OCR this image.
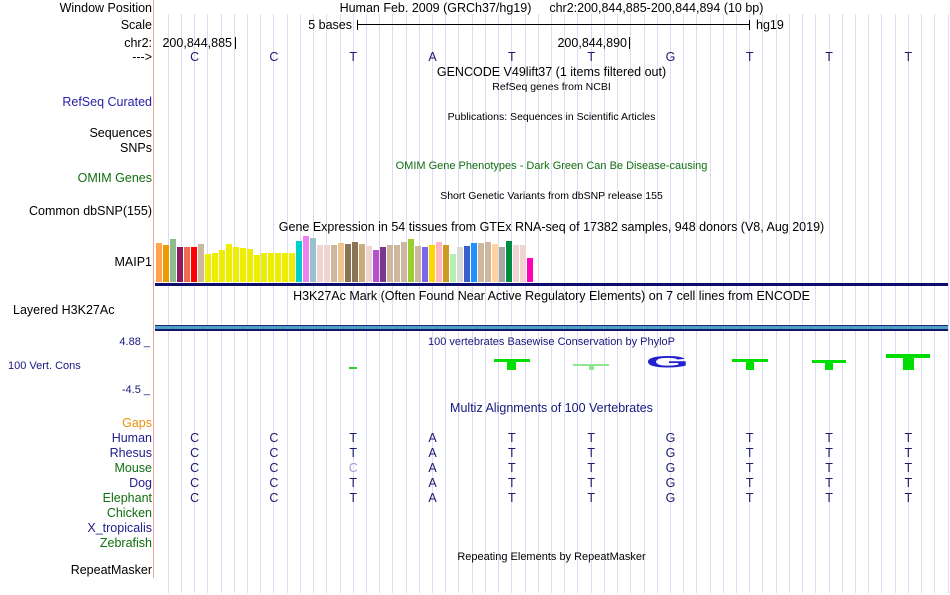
Window Position	Human Feb. 2009 (GRCh37/hg19) chr2:200,844,885-200,844,894 (10 bp)
Scale	5 bases	hg19
chr2: 200,844,885	200,844,890
--->	C	C	T	A	T	T	G	T	T	T
GENCODE V49lift37 (1 items filtered out)
RefSeq genes from NCBI
RefSeq Curated
Publications: Sequences in Scientific Articles
Sequences
SNPs
OMIM Gene Phenotypes - Dark Green Can Be Disease-causing
OMIM Genes
Short Genetic Variants from dbSNP release 155
Common dbSNP(155)
Gene Expression in 54 tissues from GTEx RNA-seq of 17382 samples, 948 donors (V8, Aug 2019)
MAIP1
H3K27Ac Mark (Often Found Near Active Regulatory Elements) on 7 cell lines from ENCODE
Layered H3K27Ac
4.88 _	100 vertebrates Basewise Conservation by PhyloP
100 Vert. Cons
-4.5 _
G
Multiz Alignments of 100 Vertebrates
Gaps
Human	C	C	T	A	T	T	G	T	T	T
Rhesus	C	C	T	A	T	T	G	T	T	T
Mouse	C	C	C	A	T	T	G	T	T	T
Dog	C	C	T	A	T	T	G	T	T	T
Elephant	C	C	T	A	T	T	G	T	T	T
Chicken
X_tropicalis
Zebrafish
Repeating Elements by RepeatMasker
RepeatMasker
